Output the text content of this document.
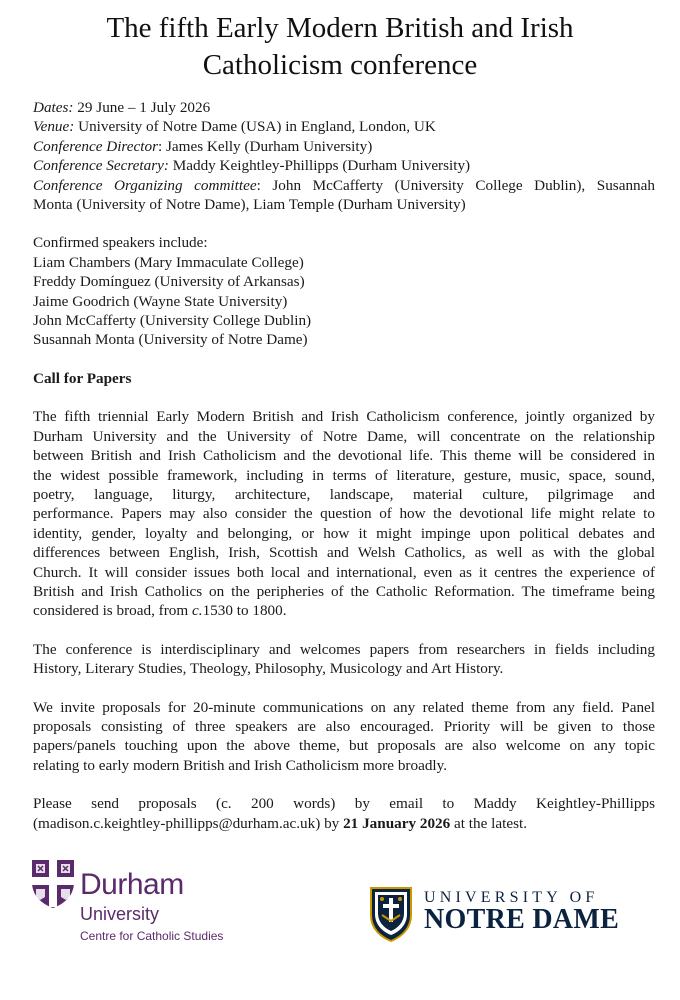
The fifth Early Modern British and Irish
Catholicism conference
Dates: 29 June – 1 July 2026
Venue: University of Notre Dame (USA) in England, London, UK
Conference Director: James Kelly (Durham University)
Conference Secretary: Maddy Keightley-Phillipps (Durham University)
Conference Organizing committee: John McCafferty (University College Dublin), Susannah
Monta (University of Notre Dame), Liam Temple (Durham University)
Confirmed speakers include:
Liam Chambers (Mary Immaculate College)
Freddy Domínguez (University of Arkansas)
Jaime Goodrich (Wayne State University)
John McCafferty (University College Dublin)
Susannah Monta (University of Notre Dame)
Call for Papers
The fifth triennial Early Modern British and Irish Catholicism conference, jointly organized by
Durham University and the University of Notre Dame, will concentrate on the relationship
between British and Irish Catholicism and the devotional life. This theme will be considered in
the widest possible framework, including in terms of literature, gesture, music, space, sound,
poetry, language, liturgy, architecture, landscape, material culture, pilgrimage and
performance. Papers may also consider the question of how the devotional life might relate to
identity, gender, loyalty and belonging, or how it might impinge upon political debates and
differences between English, Irish, Scottish and Welsh Catholics, as well as with the global
Church. It will consider issues both local and international, even as it centres the experience of
British and Irish Catholics on the peripheries of the Catholic Reformation. The timeframe being
considered is broad, from c.1530 to 1800.
The conference is interdisciplinary and welcomes papers from researchers in fields including
History, Literary Studies, Theology, Philosophy, Musicology and Art History.
We invite proposals for 20-minute communications on any related theme from any field. Panel
proposals consisting of three speakers are also encouraged. Priority will be given to those
papers/panels touching upon the above theme, but proposals are also welcome on any topic
relating to early modern British and Irish Catholicism more broadly.
Please send proposals (c. 200 words) by email to Maddy Keightley-Phillipps
(madison.c.keightley-phillipps@durham.ac.uk) by 21 January 2026 at the latest.
Durham
University
Centre for Catholic Studies
UNIVERSITY OF
NOTRE DAME
